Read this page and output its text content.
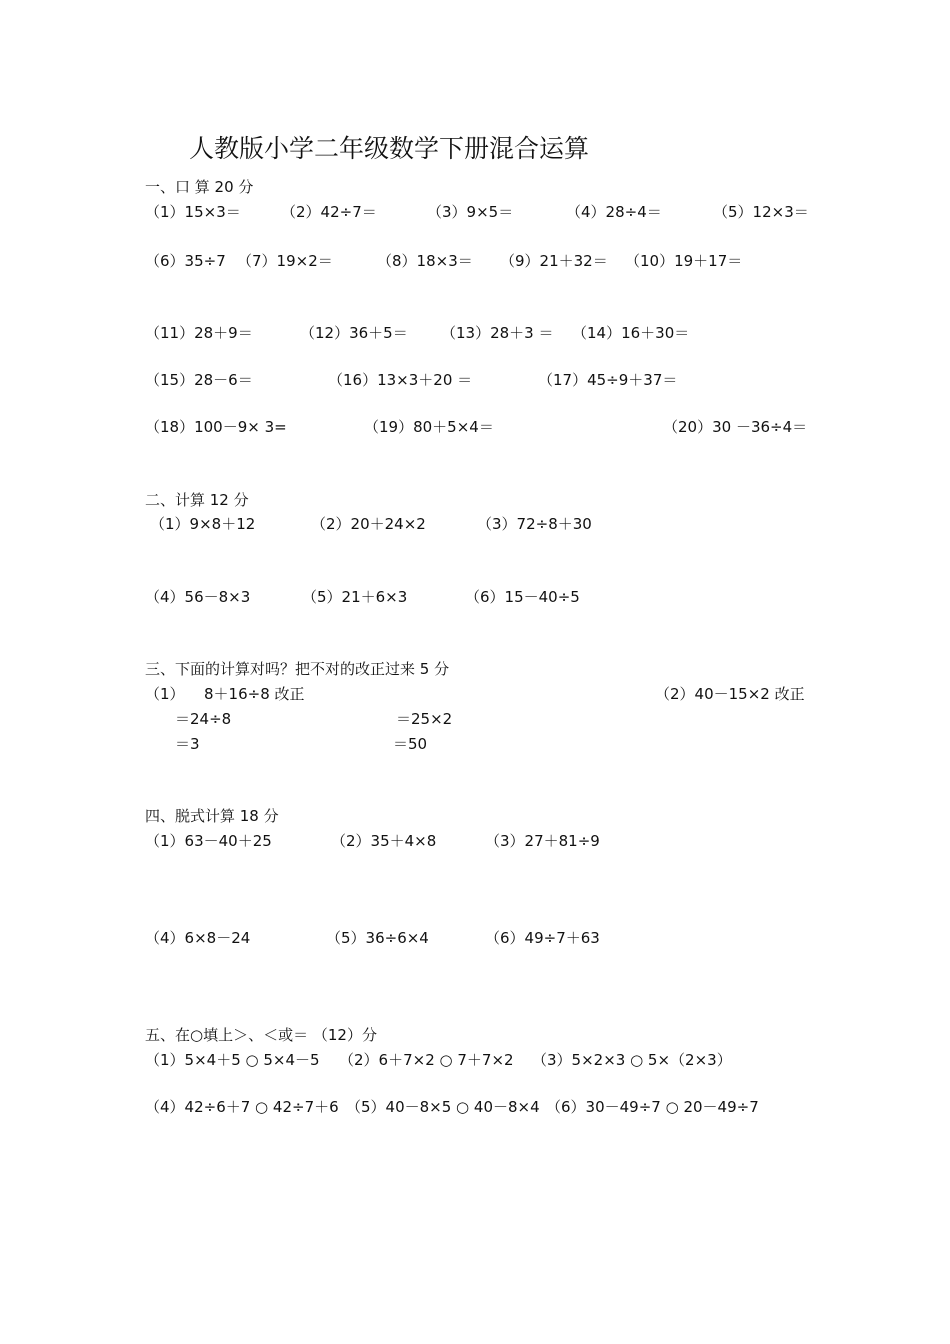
人教版小学二年级数学下册混合运算
一、口 算 20 分
（1）15×3＝	（2）42÷7＝	（3）9×5＝	（4）28÷4＝	（5）12×3＝
（6）35÷7 （7）19×2＝	（8）18×3＝ （9）21＋32＝ （10）19＋17＝
（11）28＋9＝	（12）36＋5＝ （13）28＋3 ＝ （14）16＋30＝
（15）28－6＝	（16）13×3＋20 ＝	（17）45÷9＋37＝
（18）100－9× 3=	（19）80＋5×4＝	（20）30 －36÷4＝
二、计算 12 分
（1）9×8＋12	（2）20＋24×2	（3）72÷8＋30
（4）56－8×3	（5）21＋6×3	（6）15－40÷5
三、下面的计算对吗？把不对的改正过来 5 分
（1） 8＋16÷8 改正	（2）40－15×2 改正
＝24÷8	＝25×2
＝3	＝50
四、脱式计算 18 分
（1）63－40＋25	（2）35＋4×8	（3）27＋81÷9
（4）6×8－24	（5）36÷6×4	（6）49÷7＋63
五、在○填上＞、＜或＝ （12）分
（1）5×4＋5 ○ 5×4－5 （2）6＋7×2 ○ 7＋7×2 （3）5×2×3 ○ 5×（2×3）
（4）42÷6＋7 ○ 42÷7＋6 （5）40－8×5 ○ 40－8×4 （6）30－49÷7 ○ 20－49÷7
